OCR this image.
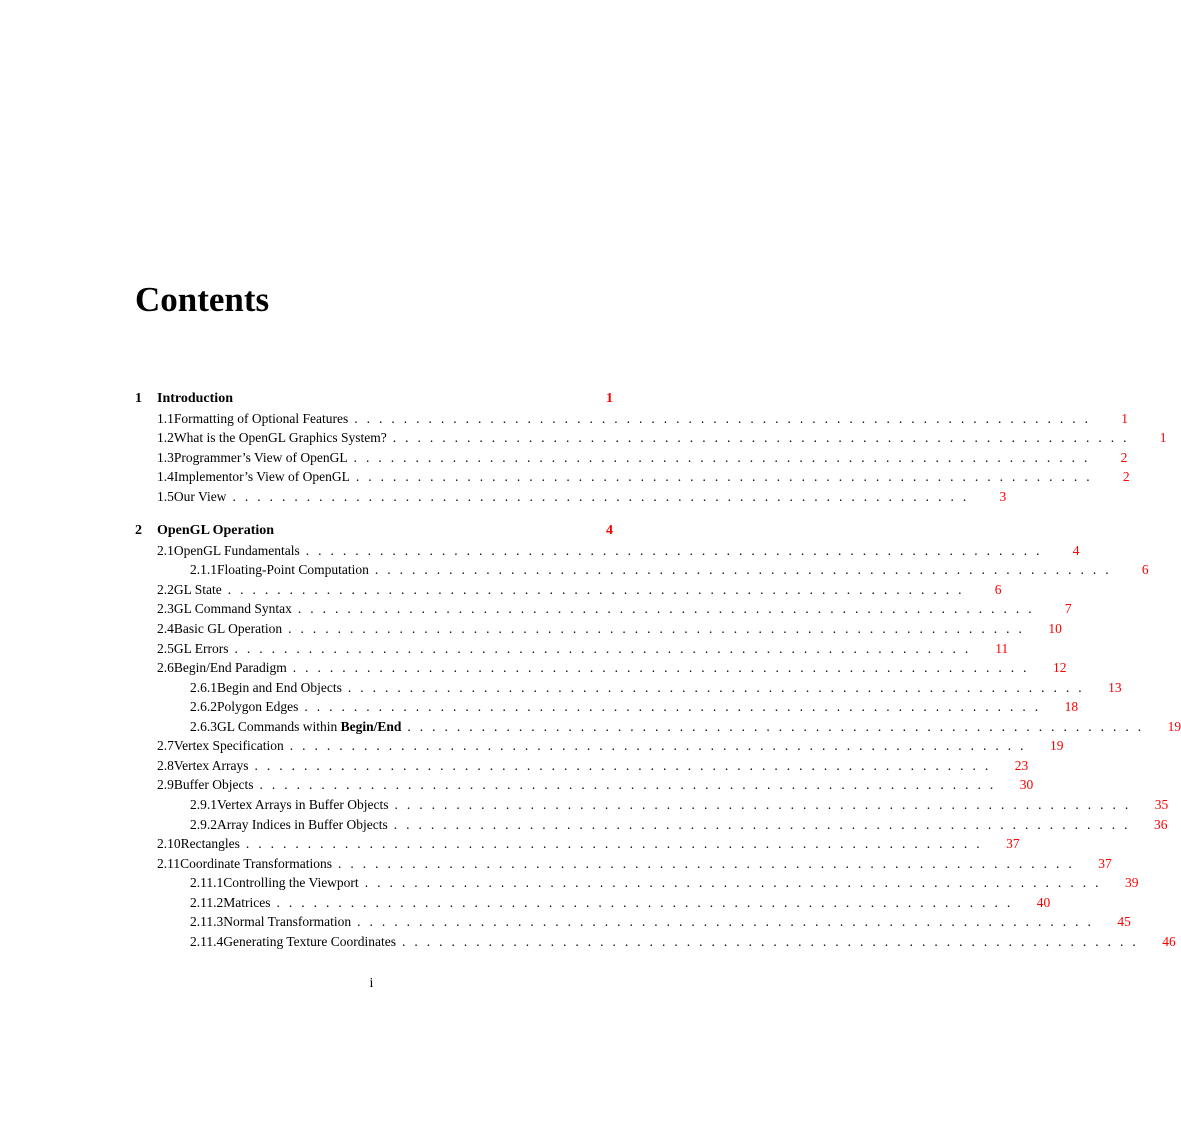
Contents
1	Introduction	1
1.1 Formatting of Optional Features .  .  .  .  .  .  .  .  .  .  .  .  .  .  .  .  .  .  .  .  .  .  .  .  .  .  .  .  .  .  .  .  .  .  .  .  .  .  .  .  .  .  .  .  .  .  .  .  .  .  .  .  .  .  .  .  .  .  .  .	1
1.2 What is the OpenGL Graphics System? .  .  .  .  .  .  .  .  .  .  .  .  .  .  .  .  .  .  .  .  .  .  .  .  .  .  .  .  .  .  .  .  .  .  .  .  .  .  .  .  .  .  .  .  .  .  .  .  .  .  .  .  .  .  .  .  .  .  .  .	1
1.3 Programmer’s View of OpenGL .  .  .  .  .  .  .  .  .  .  .  .  .  .  .  .  .  .  .  .  .  .  .  .  .  .  .  .  .  .  .  .  .  .  .  .  .  .  .  .  .  .  .  .  .  .  .  .  .  .  .  .  .  .  .  .  .  .  .  .	2
1.4 Implementor’s View of OpenGL .  .  .  .  .  .  .  .  .  .  .  .  .  .  .  .  .  .  .  .  .  .  .  .  .  .  .  .  .  .  .  .  .  .  .  .  .  .  .  .  .  .  .  .  .  .  .  .  .  .  .  .  .  .  .  .  .  .  .  .	2
1.5 Our View .  .  .  .  .  .  .  .  .  .  .  .  .  .  .  .  .  .  .  .  .  .  .  .  .  .  .  .  .  .  .  .  .  .  .  .  .  .  .  .  .  .  .  .  .  .  .  .  .  .  .  .  .  .  .  .  .  .  .  .	3
2	OpenGL Operation	4
2.1 OpenGL Fundamentals .  .  .  .  .  .  .  .  .  .  .  .  .  .  .  .  .  .  .  .  .  .  .  .  .  .  .  .  .  .  .  .  .  .  .  .  .  .  .  .  .  .  .  .  .  .  .  .  .  .  .  .  .  .  .  .  .  .  .  .	4
2.1.1 Floating-Point Computation .  .  .  .  .  .  .  .  .  .  .  .  .  .  .  .  .  .  .  .  .  .  .  .  .  .  .  .  .  .  .  .  .  .  .  .  .  .  .  .  .  .  .  .  .  .  .  .  .  .  .  .  .  .  .  .  .  .  .  .	6
2.2 GL State .  .  .  .  .  .  .  .  .  .  .  .  .  .  .  .  .  .  .  .  .  .  .  .  .  .  .  .  .  .  .  .  .  .  .  .  .  .  .  .  .  .  .  .  .  .  .  .  .  .  .  .  .  .  .  .  .  .  .  .	6
2.3 GL Command Syntax .  .  .  .  .  .  .  .  .  .  .  .  .  .  .  .  .  .  .  .  .  .  .  .  .  .  .  .  .  .  .  .  .  .  .  .  .  .  .  .  .  .  .  .  .  .  .  .  .  .  .  .  .  .  .  .  .  .  .  .	7
2.4 Basic GL Operation .  .  .  .  .  .  .  .  .  .  .  .  .  .  .  .  .  .  .  .  .  .  .  .  .  .  .  .  .  .  .  .  .  .  .  .  .  .  .  .  .  .  .  .  .  .  .  .  .  .  .  .  .  .  .  .  .  .  .  .	10
2.5 GL Errors .  .  .  .  .  .  .  .  .  .  .  .  .  .  .  .  .  .  .  .  .  .  .  .  .  .  .  .  .  .  .  .  .  .  .  .  .  .  .  .  .  .  .  .  .  .  .  .  .  .  .  .  .  .  .  .  .  .  .  .	11
2.6 Begin/End Paradigm .  .  .  .  .  .  .  .  .  .  .  .  .  .  .  .  .  .  .  .  .  .  .  .  .  .  .  .  .  .  .  .  .  .  .  .  .  .  .  .  .  .  .  .  .  .  .  .  .  .  .  .  .  .  .  .  .  .  .  .	12
2.6.1 Begin and End Objects .  .  .  .  .  .  .  .  .  .  .  .  .  .  .  .  .  .  .  .  .  .  .  .  .  .  .  .  .  .  .  .  .  .  .  .  .  .  .  .  .  .  .  .  .  .  .  .  .  .  .  .  .  .  .  .  .  .  .  .	13
2.6.2 Polygon Edges .  .  .  .  .  .  .  .  .  .  .  .  .  .  .  .  .  .  .  .  .  .  .  .  .  .  .  .  .  .  .  .  .  .  .  .  .  .  .  .  .  .  .  .  .  .  .  .  .  .  .  .  .  .  .  .  .  .  .  .	18
2.6.3 GL Commands within Begin/End .  .  .  .  .  .  .  .  .  .  .  .  .  .  .  .  .  .  .  .  .  .  .  .  .  .  .  .  .  .  .  .  .  .  .  .  .  .  .  .  .  .  .  .  .  .  .  .  .  .  .  .  .  .  .  .  .  .  .  .	19
2.7 Vertex Specification .  .  .  .  .  .  .  .  .  .  .  .  .  .  .  .  .  .  .  .  .  .  .  .  .  .  .  .  .  .  .  .  .  .  .  .  .  .  .  .  .  .  .  .  .  .  .  .  .  .  .  .  .  .  .  .  .  .  .  .	19
2.8 Vertex Arrays .  .  .  .  .  .  .  .  .  .  .  .  .  .  .  .  .  .  .  .  .  .  .  .  .  .  .  .  .  .  .  .  .  .  .  .  .  .  .  .  .  .  .  .  .  .  .  .  .  .  .  .  .  .  .  .  .  .  .  .	23
2.9 Buffer Objects .  .  .  .  .  .  .  .  .  .  .  .  .  .  .  .  .  .  .  .  .  .  .  .  .  .  .  .  .  .  .  .  .  .  .  .  .  .  .  .  .  .  .  .  .  .  .  .  .  .  .  .  .  .  .  .  .  .  .  .	30
2.9.1 Vertex Arrays in Buffer Objects .  .  .  .  .  .  .  .  .  .  .  .  .  .  .  .  .  .  .  .  .  .  .  .  .  .  .  .  .  .  .  .  .  .  .  .  .  .  .  .  .  .  .  .  .  .  .  .  .  .  .  .  .  .  .  .  .  .  .  .	35
2.9.2 Array Indices in Buffer Objects .  .  .  .  .  .  .  .  .  .  .  .  .  .  .  .  .  .  .  .  .  .  .  .  .  .  .  .  .  .  .  .  .  .  .  .  .  .  .  .  .  .  .  .  .  .  .  .  .  .  .  .  .  .  .  .  .  .  .  .	36
2.10 Rectangles .  .  .  .  .  .  .  .  .  .  .  .  .  .  .  .  .  .  .  .  .  .  .  .  .  .  .  .  .  .  .  .  .  .  .  .  .  .  .  .  .  .  .  .  .  .  .  .  .  .  .  .  .  .  .  .  .  .  .  .	37
2.11 Coordinate Transformations .  .  .  .  .  .  .  .  .  .  .  .  .  .  .  .  .  .  .  .  .  .  .  .  .  .  .  .  .  .  .  .  .  .  .  .  .  .  .  .  .  .  .  .  .  .  .  .  .  .  .  .  .  .  .  .  .  .  .  .	37
2.11.1 Controlling the Viewport .  .  .  .  .  .  .  .  .  .  .  .  .  .  .  .  .  .  .  .  .  .  .  .  .  .  .  .  .  .  .  .  .  .  .  .  .  .  .  .  .  .  .  .  .  .  .  .  .  .  .  .  .  .  .  .  .  .  .  .	39
2.11.2 Matrices .  .  .  .  .  .  .  .  .  .  .  .  .  .  .  .  .  .  .  .  .  .  .  .  .  .  .  .  .  .  .  .  .  .  .  .  .  .  .  .  .  .  .  .  .  .  .  .  .  .  .  .  .  .  .  .  .  .  .  .	40
2.11.3 Normal Transformation .  .  .  .  .  .  .  .  .  .  .  .  .  .  .  .  .  .  .  .  .  .  .  .  .  .  .  .  .  .  .  .  .  .  .  .  .  .  .  .  .  .  .  .  .  .  .  .  .  .  .  .  .  .  .  .  .  .  .  .	45
2.11.4 Generating Texture Coordinates .  .  .  .  .  .  .  .  .  .  .  .  .  .  .  .  .  .  .  .  .  .  .  .  .  .  .  .  .  .  .  .  .  .  .  .  .  .  .  .  .  .  .  .  .  .  .  .  .  .  .  .  .  .  .  .  .  .  .  .	46
i
